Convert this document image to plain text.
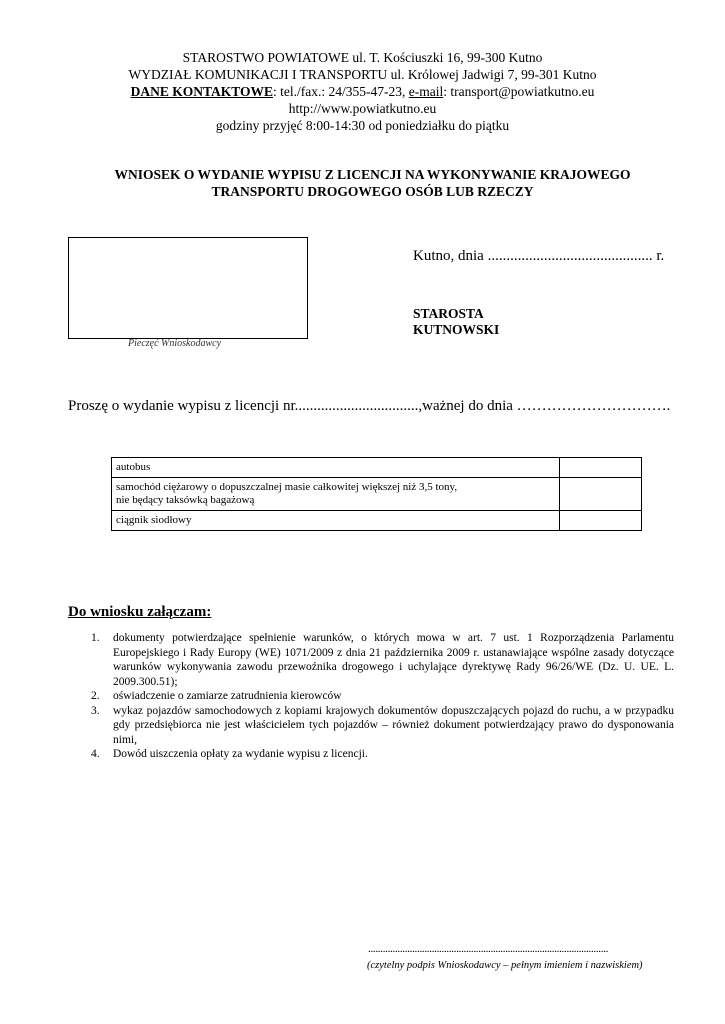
STAROSTWO POWIATOWE ul. T. Kościuszki 16, 99-300 Kutno
WYDZIAŁ KOMUNIKACJI I TRANSPORTU ul. Królowej Jadwigi 7, 99-301 Kutno
DANE KONTAKTOWE: tel./fax.: 24/355-47-23, e-mail: transport@powiatkutno.eu
http://www.powiatkutno.eu
godziny przyjęć 8:00-14:30 od poniedziałku do piątku
WNIOSEK O WYDANIE WYPISU Z LICENCJI NA WYKONYWANIE KRAJOWEGO
TRANSPORTU DROGOWEGO OSÓB LUB RZECZY
Pieczęć Wnioskodawcy
Kutno, dnia ............................................ r.
STAROSTA
KUTNOWSKI
Proszę o wydanie wypisu z licencji nr.................................,ważnej do dnia ………………………….
autobus	

samochód ciężarowy o dopuszczalnej masie całkowitej większej niż 3,5 tony,
nie będący taksówką bagażową	

ciągnik siodłowy	

Do wniosku załączam:
1. dokumenty potwierdzające spełnienie warunków, o których mowa w art. 7 ust. 1 Rozporządzenia Parlamentu Europejskiego i Rady Europy (WE) 1071/2009 z dnia 21 października 2009 r. ustanawiające wspólne zasady dotyczące warunków wykonywania zawodu przewoźnika drogowego i uchylające dyrektywę Rady 96/26/WE (Dz. U. UE. L. 2009.300.51);
2. oświadczenie o zamiarze zatrudnienia kierowców
3. wykaz pojazdów samochodowych z kopiami krajowych dokumentów dopuszczających pojazd do ruchu, a w przypadku gdy przedsiębiorca nie jest właścicielem tych pojazdów – również dokument potwierdzający prawo do dysponowania nimi,
4. Dowód uiszczenia opłaty za wydanie wypisu z licencji.
..................................................................................................
(czytelny podpis Wnioskodawcy – pełnym imieniem i nazwiskiem)
